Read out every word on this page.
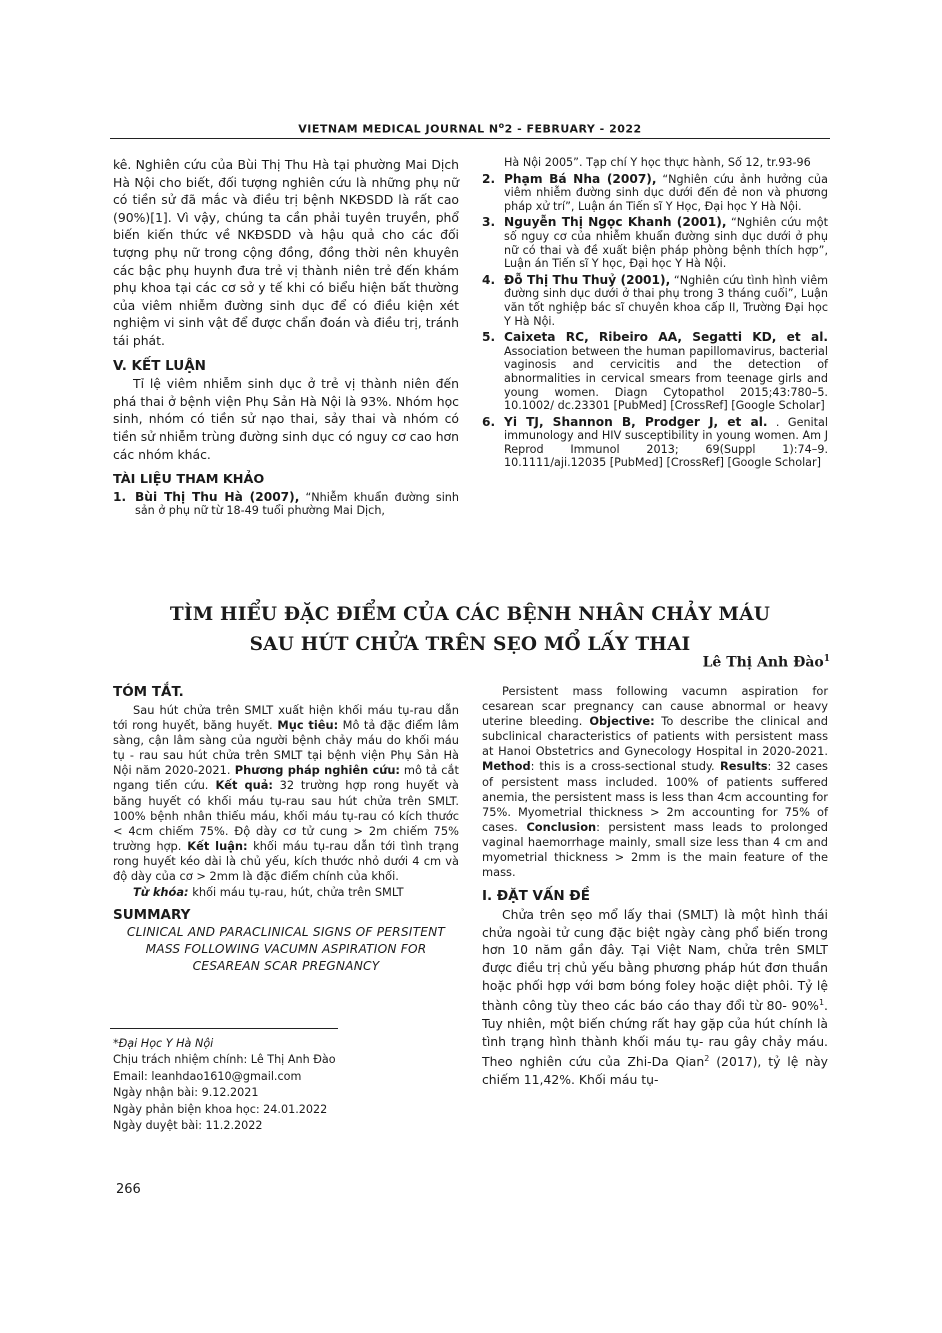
VIETNAM MEDICAL JOURNAL $N^o2$ - FEBRUARY - 2022
kê. Nghiên cứu của Bùi Thị Thu Hà tại phường Mai Dịch Hà Nội cho biết, đối tượng nghiên cứu là những phụ nữ có tiền sử đã mắc và điều trị bệnh NKĐSDD là rất cao (90%)[1]. Vì vậy, chúng ta cần phải tuyên truyền, phổ biến kiến thức về NKĐSDD và hậu quả cho các đối tượng phụ nữ trong cộng đồng, đồng thời nên khuyên các bậc phụ huynh đưa trẻ vị thành niên trẻ đến khám phụ khoa tại các cơ sở y tế khi có biểu hiện bất thường của viêm nhiễm đường sinh dục để có điều kiện xét nghiệm vi sinh vật để được chẩn đoán và điều trị, tránh tái phát.
V. KẾT LUẬN
Tỉ lệ viêm nhiễm sinh dục ở trẻ vị thành niên đến phá thai ở bệnh viện Phụ Sản Hà Nội là 93%. Nhóm học sinh, nhóm có tiền sử nạo thai, sảy thai và nhóm có tiền sử nhiễm trùng đường sinh dục có nguy cơ cao hơn các nhóm khác.
TÀI LIỆU THAM KHẢO
1. Bùi Thị Thu Hà (2007), “Nhiễm khuẩn đường sinh sản ở phụ nữ từ 18-49 tuổi phường Mai Dịch,
Hà Nội 2005”. Tạp chí Y học thực hành, Số 12, tr.93-96
2. Phạm Bá Nha (2007), “Nghiên cứu ảnh hưởng của viêm nhiễm đường sinh dục dưới đến đẻ non và phương pháp xử trí”, Luận án Tiến sĩ Y Học, Đại học Y Hà Nội.
3. Nguyễn Thị Ngọc Khanh (2001), “Nghiên cứu một số nguy cơ của nhiễm khuẩn đường sinh dục dưới ở phụ nữ có thai và đề xuất biện pháp phòng bệnh thích hợp”, Luận án Tiến sĩ Y học, Đại học Y Hà Nội.
4. Đỗ Thị Thu Thuỷ (2001), “Nghiên cứu tình hình viêm đường sinh dục dưới ở thai phụ trong 3 tháng cuối”, Luận văn tốt nghiệp bác sĩ chuyên khoa cấp II, Trường Đại học Y Hà Nội.
5. Caixeta RC, Ribeiro AA, Segatti KD, et al. Association between the human papillomavirus, bacterial vaginosis and cervicitis and the detection of abnormalities in cervical smears from teenage girls and young women. Diagn Cytopathol 2015;43:780–5. 10.1002/ dc.23301 [PubMed] [CrossRef] [Google Scholar]
6. Yi TJ, Shannon B, Prodger J, et al. . Genital immunology and HIV susceptibility in young women. Am J Reprod Immunol 2013; 69(Suppl 1):74–9. 10.1111/aji.12035 [PubMed] [CrossRef] [Google Scholar]
TÌM HIỂU ĐẶC ĐIỂM CỦA CÁC BỆNH NHÂN CHẢY MÁU
SAU HÚT CHỬA TRÊN SẸO MỔ LẤY THAI
Lê Thị Anh Đào$^1$
TÓM TẮT.
Sau hút chửa trên SMLT xuất hiện khối máu tụ-rau dẫn tới rong huyết, băng huyết. Mục tiêu: Mô tả đặc điểm lâm sàng, cận lâm sàng của người bệnh chảy máu do khối máu tụ - rau sau hút chửa trên SMLT tại bệnh viện Phụ Sản Hà Nội năm 2020-2021. Phương pháp nghiên cứu: mô tả cắt ngang tiến cứu. Kết quả: 32 trường hợp rong huyết và băng huyết có khối máu tụ-rau sau hút chửa trên SMLT. 100% bệnh nhân thiếu máu, khối máu tụ-rau có kích thước < 4cm chiếm 75%. Độ dày cơ tử cung > 2m chiếm 75% trường hợp. Kết luận: khối máu tụ-rau dẫn tới tình trạng rong huyết kéo dài là chủ yếu, kích thước nhỏ dưới 4 cm và độ dày của cơ > 2mm là đặc điểm chính của khối.
Từ khóa: khối máu tụ-rau, hút, chửa trên SMLT
SUMMARY
CLINICAL AND PARACLINICAL SIGNS OF PERSITENT MASS FOLLOWING VACUMN ASPIRATION FOR CESAREAN SCAR PREGNANCY
*Đại Học Y Hà Nội
Chịu trách nhiệm chính: Lê Thị Anh Đào
Email: leanhdao1610@gmail.com
Ngày nhận bài: 9.12.2021
Ngày phản biện khoa học: 24.01.2022
Ngày duyệt bài: 11.2.2022
Persistent mass following vacumn aspiration for cesarean scar pregnancy can cause abnormal or heavy uterine bleeding. Objective: To describe the clinical and subclinical characteristics of patients with persistent mass at Hanoi Obstetrics and Gynecology Hospital in 2020-2021. Method: this is a cross-sectional study. Results: 32 cases of persistent mass included. 100% of patients suffered anemia, the persistent mass is less than 4cm accounting for 75%. Myometrial thickness > 2m accounting for 75% of cases. Conclusion: persistent mass leads to prolonged vaginal haemorrhage mainly, small size less than 4 cm and myometrial thickness > 2mm is the main feature of the mass.
I. ĐẶT VẤN ĐỀ
Chửa trên sẹo mổ lấy thai (SMLT) là một hình thái chửa ngoài tử cung đặc biệt ngày càng phổ biến trong hơn 10 năm gần đây. Tại Việt Nam, chửa trên SMLT được điều trị chủ yếu bằng phương pháp hút đơn thuần hoặc phối hợp với bơm bóng foley hoặc diệt phôi. Tỷ lệ thành công tùy theo các báo cáo thay đổi từ 80- 90%$^1$. Tuy nhiên, một biến chứng rất hay gặp của hút chính là tình trạng hình thành khối máu tụ- rau gây chảy máu. Theo nghiên cứu của Zhi-Da Qian$^2$ (2017), tỷ lệ này chiếm 11,42%. Khối máu tụ-
266
